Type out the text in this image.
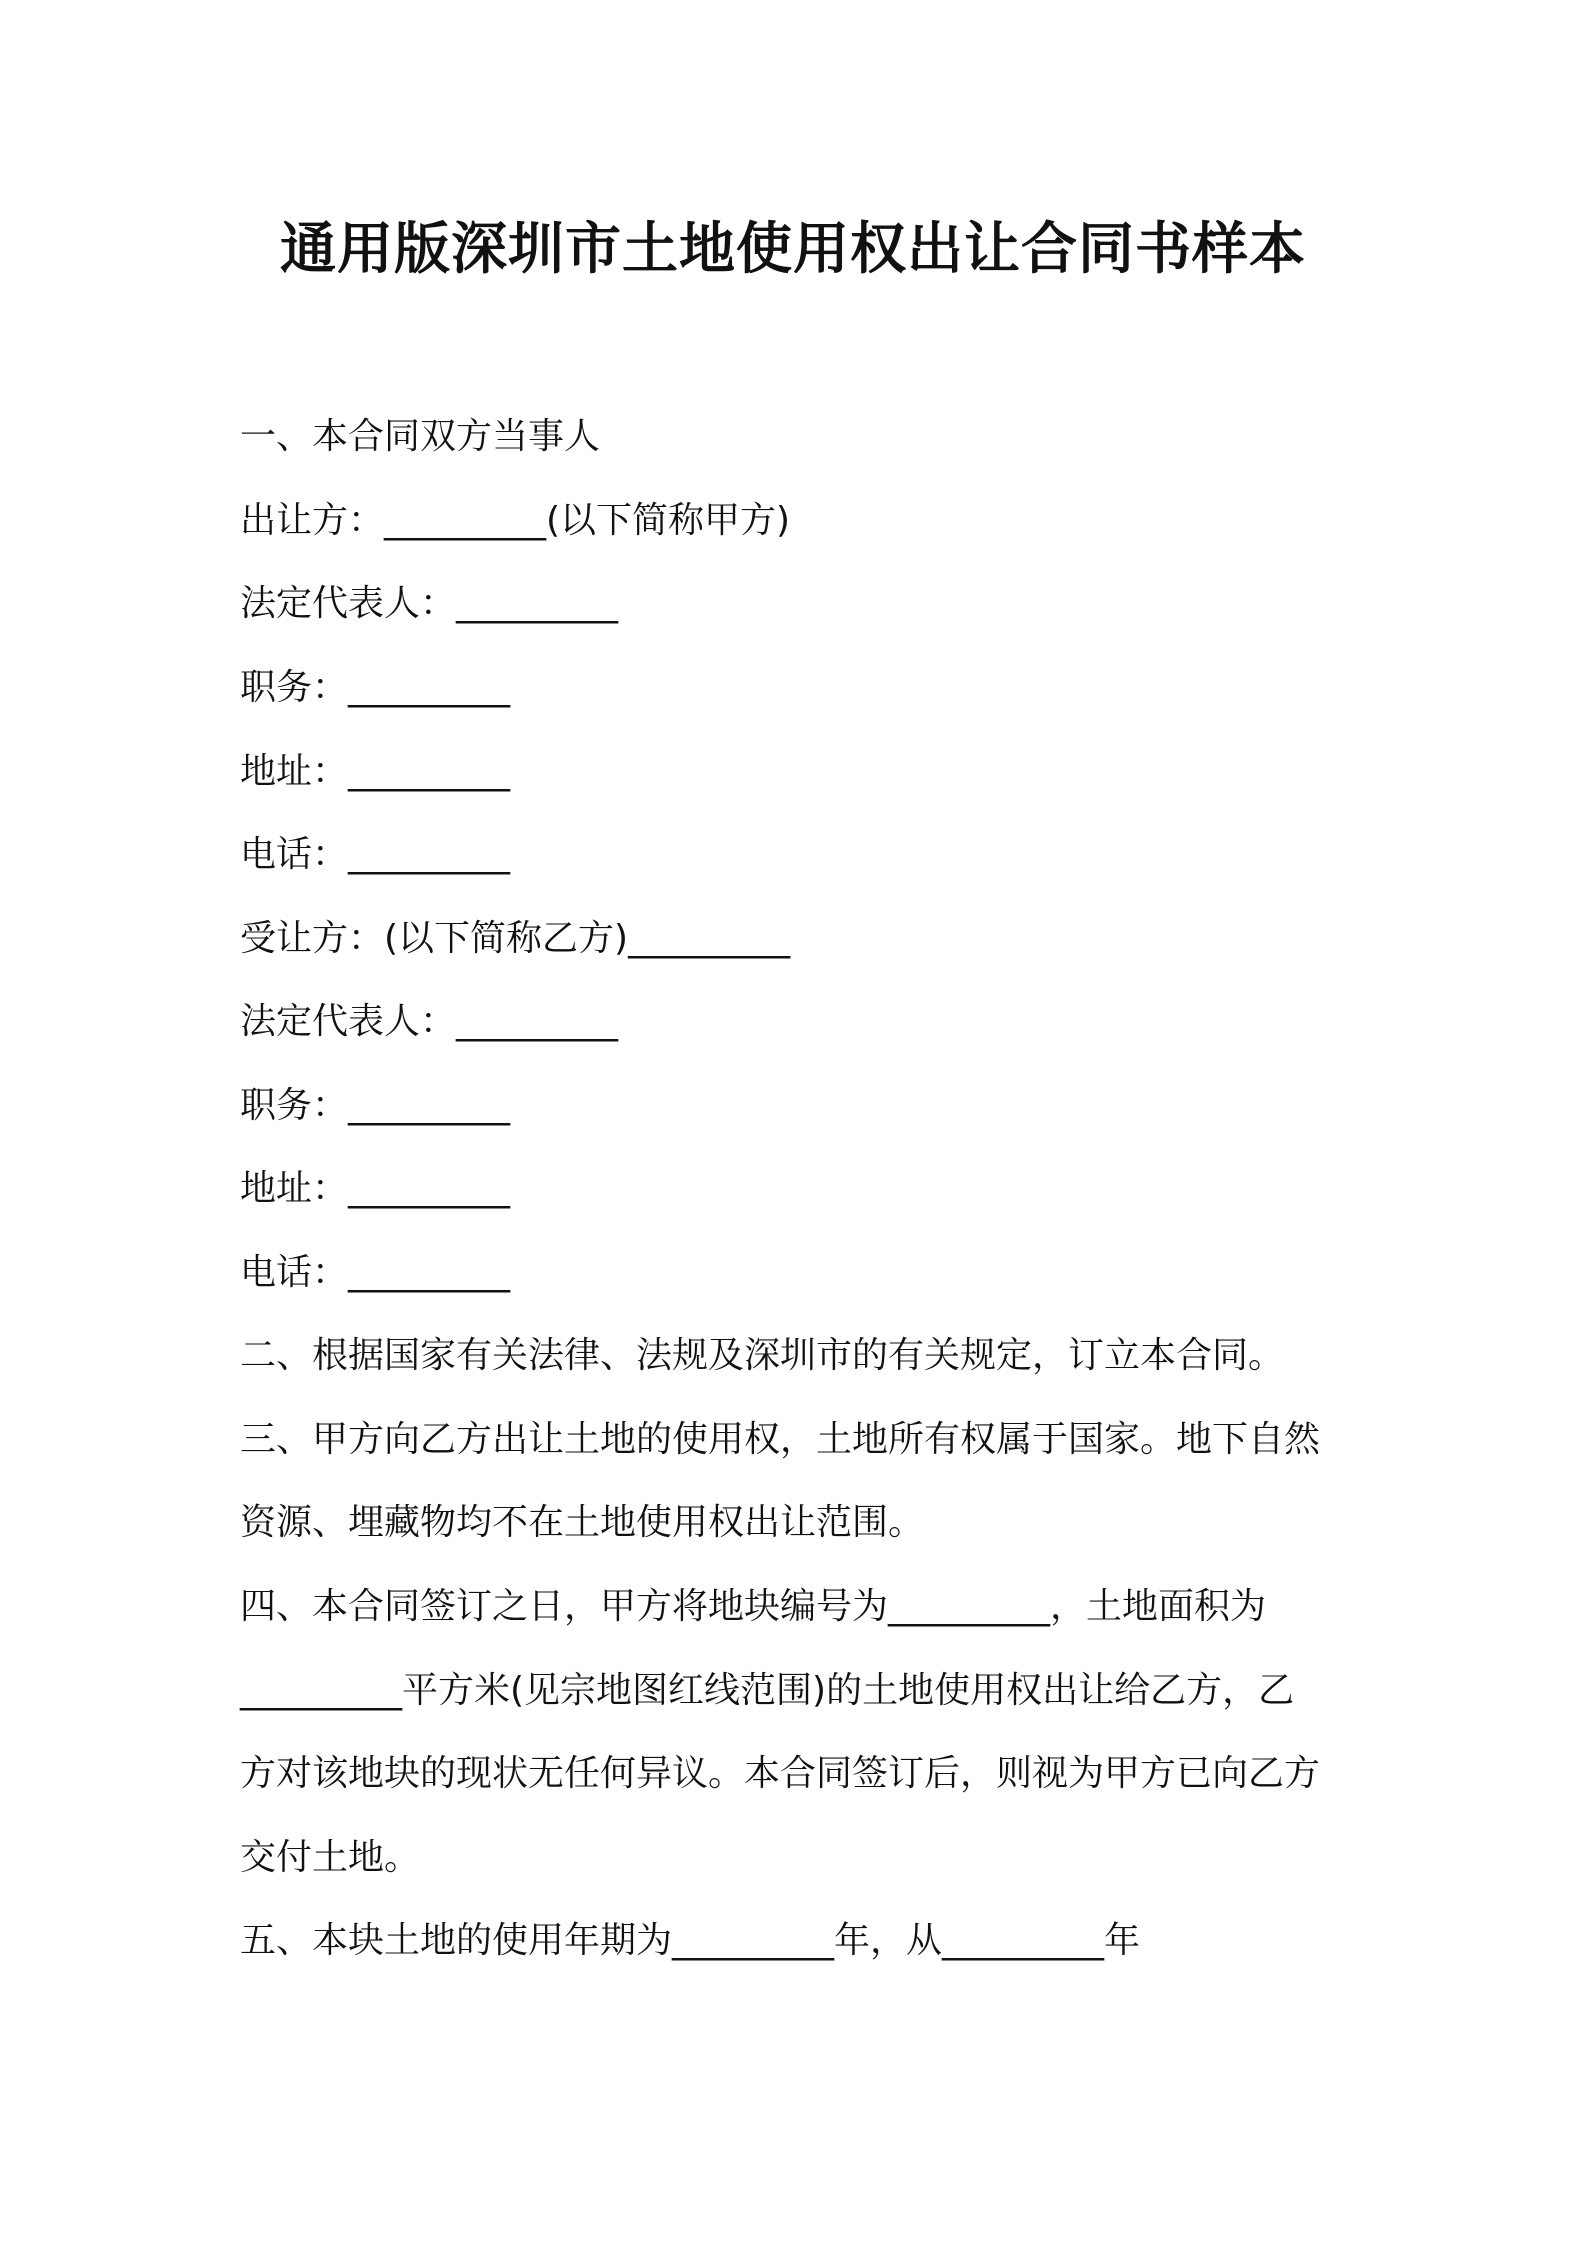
通用版深圳市土地使用权出让合同书样本
一、本合同双方当事人
出让方：_________(以下简称甲方)
法定代表人：_________
职务：_________
地址：_________
电话：_________
受让方：(以下简称乙方)_________
法定代表人：_________
职务：_________
地址：_________
电话：_________
二、根据国家有关法律、法规及深圳市的有关规定，订立本合同。
三、甲方向乙方出让土地的使用权，土地所有权属于国家。地下自然
资源、埋藏物均不在土地使用权出让范围。
四、本合同签订之日，甲方将地块编号为_________，土地面积为
_________平方米(见宗地图红线范围)的土地使用权出让给乙方，乙
方对该地块的现状无任何异议。本合同签订后，则视为甲方已向乙方
交付土地。
五、本块土地的使用年期为_________年，从_________年
